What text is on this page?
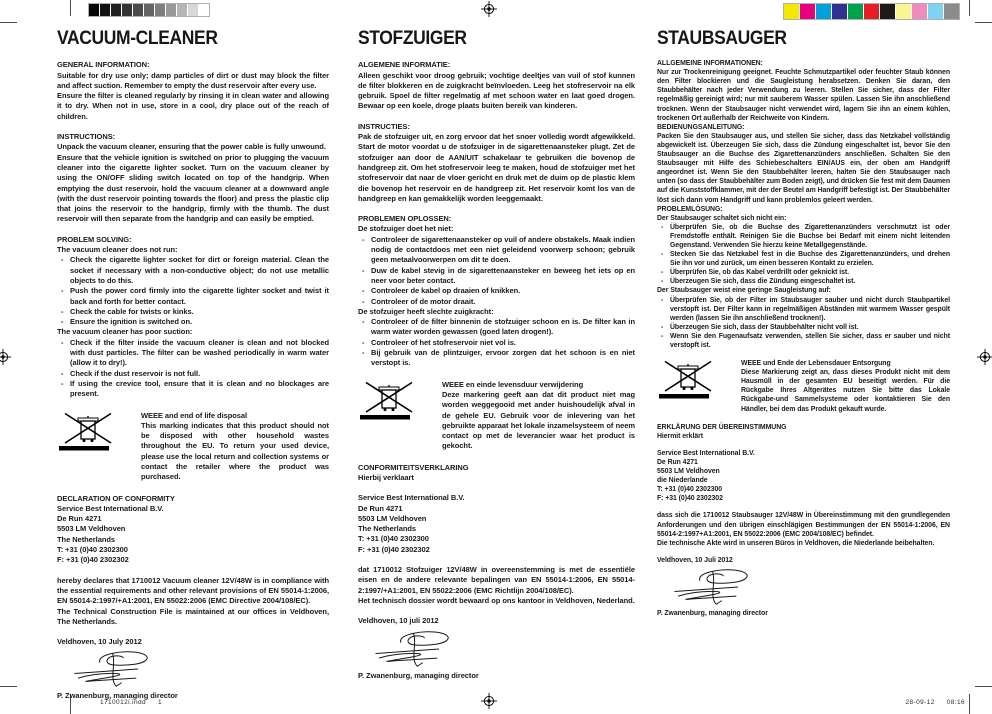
VACUUM-CLEANER
GENERAL INFORMATION:

Suitable for dry use only; damp particles of dirt or dust may block the filter and affect suction. Remember to empty the dust reservoir after every use.

Ensure the filter is cleaned regularly by rinsing it in clean water and allowing it to dry. When not in use, store in a cool, dry place out of the reach of children.

INSTRUCTIONS:

Unpack the vacuum cleaner, ensuring that the power cable is fully unwound.

Ensure that the vehicle ignition is switched on prior to plugging the vacuum cleaner into the cigarette lighter socket. Turn on the vacuum cleaner by using the ON/OFF sliding switch located on top of the handgrip. When emptying the dust reservoir, hold the vacuum cleaner at a downward angle (with the dust reservoir pointing towards the floor) and press the plastic clip that joins the reservoir to the handgrip, firmly with the thumb. The dust reservoir will then separate from the handgrip and can easily be emptied.

PROBLEM SOLVING:

The vacuum cleaner does not run:

- Check the cigarette lighter socket for dirt or foreign material. Clean the socket if necessary with a non-conductive object; do not use metallic objects to do this.
- Push the power cord firmly into the cigarette lighter socket and twist it back and forth for better contact.
- Check the cable for twists or kinks.
- Ensure the ignition is switched on.

The vacuum cleaner has poor suction:

- Check if the filter inside the vacuum cleaner is clean and not blocked with dust particles. The filter can be washed periodically in warm water (allow it to dry!).
- Check if the dust reservoir is not full.
- If using the crevice tool, ensure that it is clean and no blockages are present.
WEEE and end of life disposal
This marking indicates that this product should not be disposed with other household wastes throughout the EU. To return your used device, please use the local return and collection systems or contact the retailer where the product was purchased.
DECLARATION OF CONFORMITY
Service Best International B.V.
De Run 4271
5503 LM Veldhoven
The Netherlands
T: +31 (0)40 2302300
F: +31 (0)40 2302302

hereby declares that 1710012 Vacuum cleaner 12V/48W is in compliance with the essential requirements and other relevant provisions of EN 55014-1:2006, EN 55014-2:1997/+A1:2001, EN 55022:2006 (EMC Directive 2004/108/EC).

The Technical Construction File is maintained at our offices in Veldhoven, The Netherlands.

Veldhoven, 10 July 2012

P. Zwanenburg, managing director

STOFZUIGER
ALGEMENE INFORMATIE:

Alleen geschikt voor droog gebruik; vochtige deeltjes van vuil of stof kunnen de filter blokkeren en de zuigkracht beïnvloeden. Leeg het stofreservoir na elk gebruik. Spoel de filter regelmatig af met schoon water en laat goed drogen. Bewaar op een koele, droge plaats buiten bereik van kinderen.

INSTRUCTIES:

Pak de stofzuiger uit, en zorg ervoor dat het snoer volledig wordt afgewikkeld. Start de motor voordat u de stofzuiger in de sigarettenaansteker plugt. Zet de stofzuiger aan door de AAN/UIT schakelaar te gebruiken die bovenop de handgreep zit. Om het stofreservoir leeg te maken, houd de stofzuiger met het stofreservoir dat naar de vloer gericht en druk met de duim op de plastic klem die bovenop het reservoir en de handgreep zit. Het reservoir komt los van de handgreep en kan gemakkelijk worden leeggemaakt.

PROBLEMEN OPLOSSEN:

De stofzuiger doet het niet:

- Controleer de sigarettenaansteker op vuil of andere obstakels. Maak indien nodig de contactdoos met een niet geleidend voorwerp schoon; gebruik geen metaalvoorwerpen om dit te doen.
- Duw de kabel stevig in de sigarettenaansteker en beweeg het iets op en neer voor beter contact.
- Controleer de kabel op draaien of knikken.
- Controleer of de motor draait.

De stofzuiger heeft slechte zuigkracht:

- Controleer of de filter binnenin de stofzuiger schoon en is. De filter kan in warm water worden gewassen (goed laten drogen!).
- Controleer of het stofreservoir niet vol is.
- Bij gebruik van de plintzuiger, ervoor zorgen dat het schoon is en niet verstopt is.
WEEE en einde levensduur verwijdering
Deze markering geeft aan dat dit product niet mag worden weggegooid met ander huishoudelijk afval in de gehele EU. Gebruik voor de inlevering van het gebruikte apparaat het lokale inzamelsysteem of neem contact op met de leverancier waar het product is gekocht.
CONFORMITEITSVERKLARING

Hierbij verklaart

Service Best International B.V.
De Run 4271
5503 LM Veldhoven
The Netherlands
T: +31 (0)40 2302300
F: +31 (0)40 2302302

dat 1710012 Stofzuiger 12V/48W in overeenstemming is met de essentiële eisen en de andere relevante bepalingen van EN 55014-1:2006, EN 55014-2:1997/+A1:2001, EN 55022:2006 (EMC Richtlijn 2004/108/EC).

Het technisch dossier wordt bewaard op ons kantoor in Veldhoven, Nederland.

Veldhoven, 10 juli 2012

P. Zwanenburg, managing director

STAUBSAUGER
ALLGEMEINE INFORMATIONEN:

Nur zur Trockenreinigung geeignet. Feuchte Schmutzpartikel oder feuchter Staub können den Filter blockieren und die Saugleistung herabsetzen. Denken Sie daran, den Staubbehälter nach jeder Verwendung zu leeren. Stellen Sie sicher, dass der Filter regelmäßig gereinigt wird; nur mit sauberem Wasser spülen. Lassen Sie ihn anschließend trocknen. Wenn der Staubsauger nicht verwendet wird, lagern Sie ihn an einem kühlen, trockenen Ort außerhalb der Reichweite von Kindern.

BEDIENUNGSANLEITUNG:

Packen Sie den Staubsauger aus, und stellen Sie sicher, dass das Netzkabel vollständig abgewickelt ist. Überzeugen Sie sich, dass die Zündung eingeschaltet ist, bevor Sie den Staubsauger an die Buchse des Zigarettenanzünders anschließen. Schalten Sie den Staubsauger mit Hilfe des Schiebeschalters EIN/AUS ein, der oben am Handgriff angeordnet ist. Wenn Sie den Staubbehälter leeren, halten Sie den Staubsauger nach unten (so dass der Staubbehälter zum Boden zeigt), und drücken Sie fest mit dem Daumen auf die Kunststoffklammer, mit der der Beutel am Handgriff befestigt ist. Der Staubbehälter löst sich dann vom Handgriff und kann problemlos geleert werden.

PROBLEMLÖSUNG:

Der Staubsauger schaltet sich nicht ein:

- Überprüfen Sie, ob die Buchse des Zigarettenanzünders verschmutzt ist oder Fremdstoffe enthält. Reinigen Sie die Buchse bei Bedarf mit einem nicht leitenden Gegenstand. Verwenden Sie hierzu keine Metallgegenstände.
- Stecken Sie das Netzkabel fest in die Buchse des Zigarettenanzünders, und drehen Sie ihn vor und zurück, um einen besseren Kontakt zu erzielen.
- Überprüfen Sie, ob das Kabel verdrillt oder geknickt ist.
- Überzeugen Sie sich, dass die Zündung eingeschaltet ist.

Der Staubsauger weist eine geringe Saugleistung auf:

- Überprüfen Sie, ob der Filter im Staubsauger sauber und nicht durch Staubpartikel verstopft ist. Der Filter kann in regelmäßigen Abständen mit warmem Wasser gespült werden (lassen Sie ihn anschließend trocknen!).
- Überzeugen Sie sich, dass der Staubbehälter nicht voll ist.
- Wenn Sie den Fugenaufsatz verwenden, stellen Sie sicher, dass er sauber und nicht verstopft ist.
WEEE und Ende der Lebensdauer Entsorgung
Diese Markierung zeigt an, dass dieses Produkt nicht mit dem Hausmüll in der gesamten EU beseitigt werden. Für die Rückgabe Ihres Altgerätes nutzen Sie bitte das Lokale Rückgabe-und Sammelsysteme oder kontaktieren Sie den Händler, bei dem das Produkt gekauft wurde.
ERKLÄRUNG DER ÜBEREINSTIMMUNG

Hiermit erklärt

Service Best International B.V.
De Run 4271
5503 LM Veldhoven
die Niederlande
T: +31 (0)40 2302300
F: +31 (0)40 2302302

dass sich die 1710012 Staubsauger 12V/48W in Übereinstimmung mit den grundlegenden Anforderungen und den übrigen einschlägigen Bestimmungen der EN 55014-1:2006, EN 55014-2:1997+A1:2001, EN 55022:2006 (EMC 2004/108/EC) befindet.

Die technische Akte wird in unseren Büros in Veldhoven, die Niederlande beibehalten.

Veldhoven, 10 Juli 2012

P. Zwanenburg, managing director

1710012i.indd 1	28-09-12 08:16
